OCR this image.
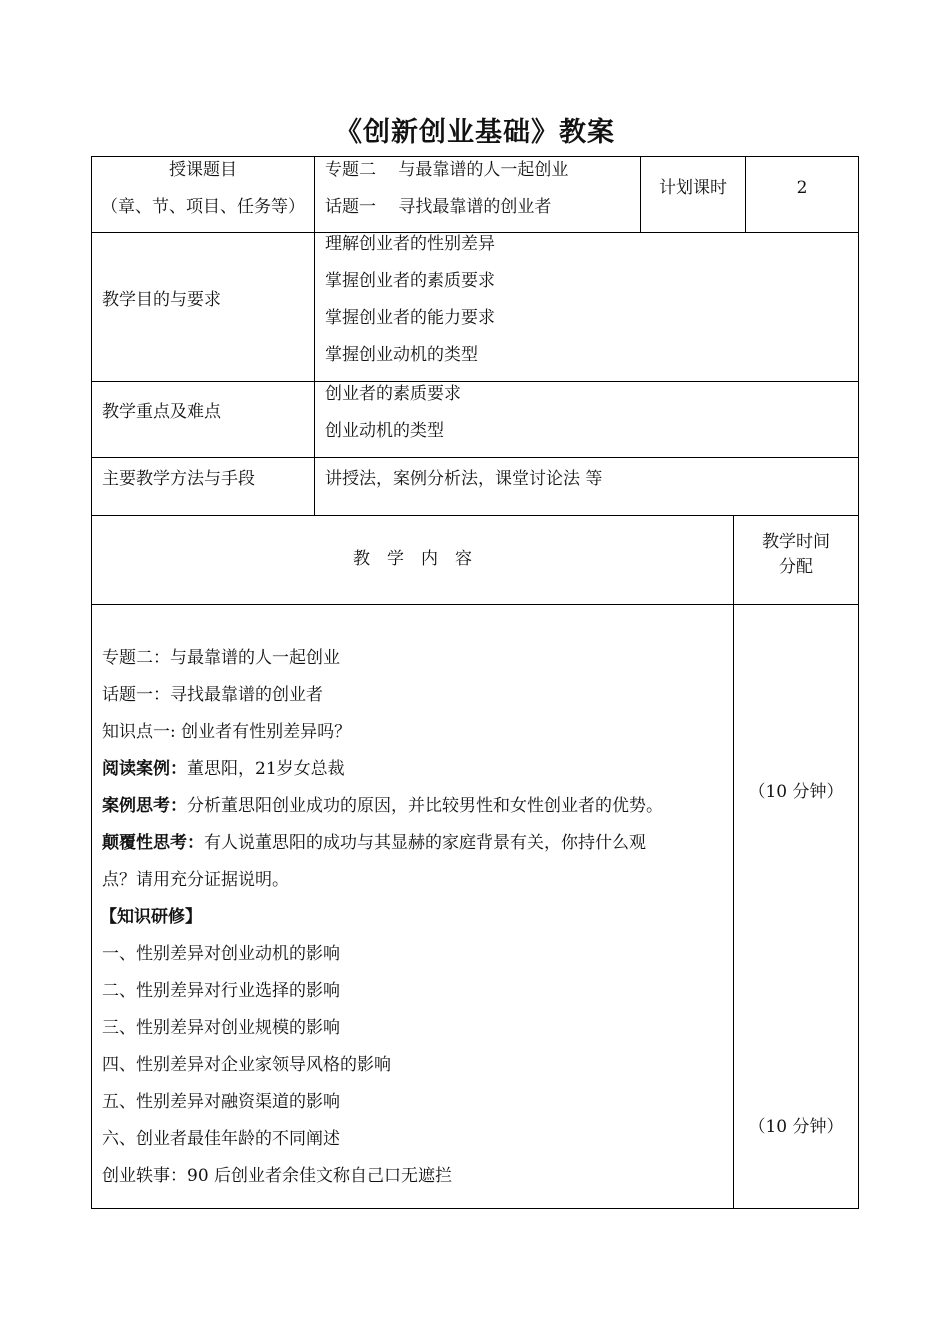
《创新创业基础》教案
授课题目
（章、节、项目、任务等）
专题二　 与最靠谱的人一起创业
话题一　 寻找最靠谱的创业者
计划课时	2
教学目的与要求
理解创业者的性别差异
掌握创业者的素质要求
掌握创业者的能力要求
掌握创业动机的类型
教学重点及难点
创业者的素质要求
创业动机的类型
主要教学方法与手段	讲授法，案例分析法，课堂讨论法 等
教　学　内　容
教学时间
分配
专题二：与最靠谱的人一起创业
话题一：寻找最靠谱的创业者
知识点一: 创业者有性别差异吗？
阅读案例：董思阳，21岁女总裁
案例思考：分析董思阳创业成功的原因，并比较男性和女性创业者的优势。
颠覆性思考：有人说董思阳的成功与其显赫的家庭背景有关，你持什么观
点？请用充分证据说明。
【知识研修】
一、性别差异对创业动机的影响
二、性别差异对行业选择的影响
三、性别差异对创业规模的影响
四、性别差异对企业家领导风格的影响
五、性别差异对融资渠道的影响
六、创业者最佳年龄的不同阐述
创业轶事：90 后创业者余佳文称自己口无遮拦
（10 分钟）
（10 分钟）
